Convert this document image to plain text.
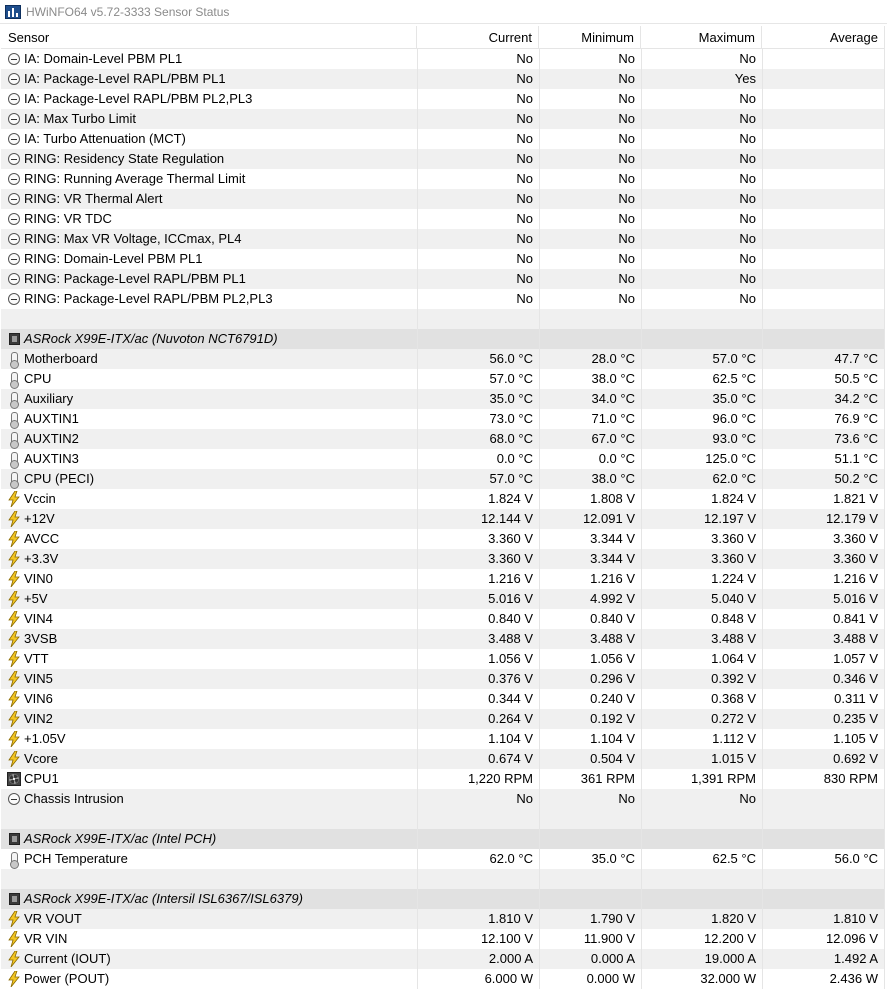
HWiNFO64 v5.72-3333 Sensor Status
Sensor	Current	Minimum	Maximum	Average
IA: Domain-Level PBM PL1	No	No	No
IA: Package-Level RAPL/PBM PL1	No	No	Yes
IA: Package-Level RAPL/PBM PL2,PL3	No	No	No
IA: Max Turbo Limit	No	No	No
IA: Turbo Attenuation (MCT)	No	No	No
RING: Residency State Regulation	No	No	No
RING: Running Average Thermal Limit	No	No	No
RING: VR Thermal Alert	No	No	No
RING: VR TDC	No	No	No
RING: Max VR Voltage, ICCmax, PL4	No	No	No
RING: Domain-Level PBM PL1	No	No	No
RING: Package-Level RAPL/PBM PL1	No	No	No
RING: Package-Level RAPL/PBM PL2,PL3	No	No	No
ASRock X99E-ITX/ac (Nuvoton NCT6791D)
Motherboard	56.0 °C	28.0 °C	57.0 °C	47.7 °C
CPU	57.0 °C	38.0 °C	62.5 °C	50.5 °C
Auxiliary	35.0 °C	34.0 °C	35.0 °C	34.2 °C
AUXTIN1	73.0 °C	71.0 °C	96.0 °C	76.9 °C
AUXTIN2	68.0 °C	67.0 °C	93.0 °C	73.6 °C
AUXTIN3	0.0 °C	0.0 °C	125.0 °C	51.1 °C
CPU (PECI)	57.0 °C	38.0 °C	62.0 °C	50.2 °C
Vccin	1.824 V	1.808 V	1.824 V	1.821 V
+12V	12.144 V	12.091 V	12.197 V	12.179 V
AVCC	3.360 V	3.344 V	3.360 V	3.360 V
+3.3V	3.360 V	3.344 V	3.360 V	3.360 V
VIN0	1.216 V	1.216 V	1.224 V	1.216 V
+5V	5.016 V	4.992 V	5.040 V	5.016 V
VIN4	0.840 V	0.840 V	0.848 V	0.841 V
3VSB	3.488 V	3.488 V	3.488 V	3.488 V
VTT	1.056 V	1.056 V	1.064 V	1.057 V
VIN5	0.376 V	0.296 V	0.392 V	0.346 V
VIN6	0.344 V	0.240 V	0.368 V	0.311 V
VIN2	0.264 V	0.192 V	0.272 V	0.235 V
+1.05V	1.104 V	1.104 V	1.112 V	1.105 V
Vcore	0.674 V	0.504 V	1.015 V	0.692 V
CPU1	1,220 RPM	361 RPM	1,391 RPM	830 RPM
Chassis Intrusion	No	No	No
ASRock X99E-ITX/ac (Intel PCH)
PCH Temperature	62.0 °C	35.0 °C	62.5 °C	56.0 °C
ASRock X99E-ITX/ac (Intersil ISL6367/ISL6379)
VR VOUT	1.810 V	1.790 V	1.820 V	1.810 V
VR VIN	12.100 V	11.900 V	12.200 V	12.096 V
Current (IOUT)	2.000 A	0.000 A	19.000 A	1.492 A
Power (POUT)	6.000 W	0.000 W	32.000 W	2.436 W
